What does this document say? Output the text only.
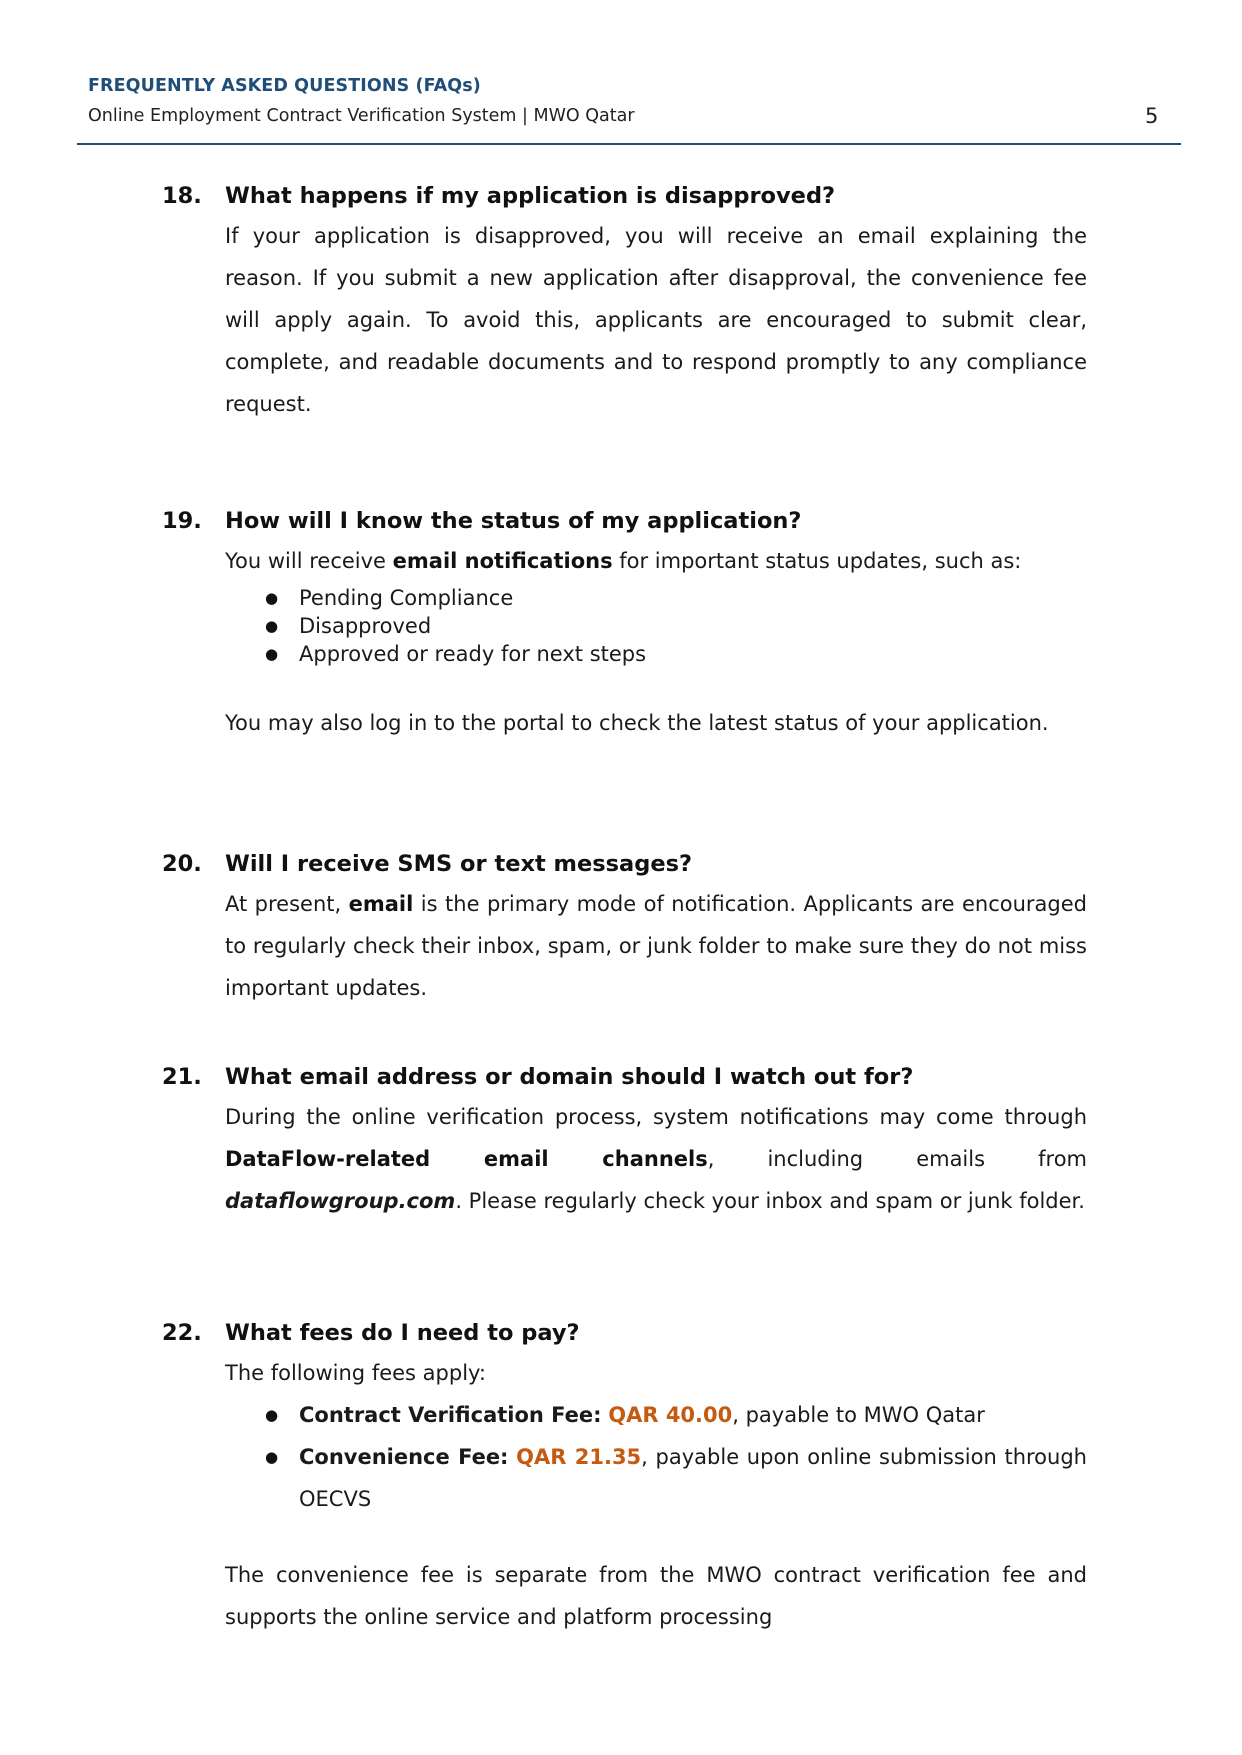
FREQUENTLY ASKED QUESTIONS (FAQs)
Online Employment Contract Verification System | MWO Qatar	5
18.	What happens if my application is disapproved?

If your application is disapproved, you will receive an email explaining the reason. If you submit a new application after disapproval, the convenience fee will apply again. To avoid this, applicants are encouraged to submit clear, complete, and readable documents and to respond promptly to any compliance request.

19.	How will I know the status of my application?

You will receive email notifications for important status updates, such as:

● Pending Compliance
● Disapproved
● Approved or ready for next steps

You may also log in to the portal to check the latest status of your application.

20.	Will I receive SMS or text messages?

At present, email is the primary mode of notification. Applicants are encouraged to regularly check their inbox, spam, or junk folder to make sure they do not miss important updates.

21.	What email address or domain should I watch out for?

During the online verification process, system notifications may come through DataFlow-related email channels, including emails from dataflowgroup.com. Please regularly check your inbox and spam or junk folder.

22.	What fees do I need to pay?

The following fees apply:

● Contract Verification Fee: QAR 40.00, payable to MWO Qatar
● Convenience Fee: QAR 21.35, payable upon online submission through OECVS

The convenience fee is separate from the MWO contract verification fee and supports the online service and platform processing
